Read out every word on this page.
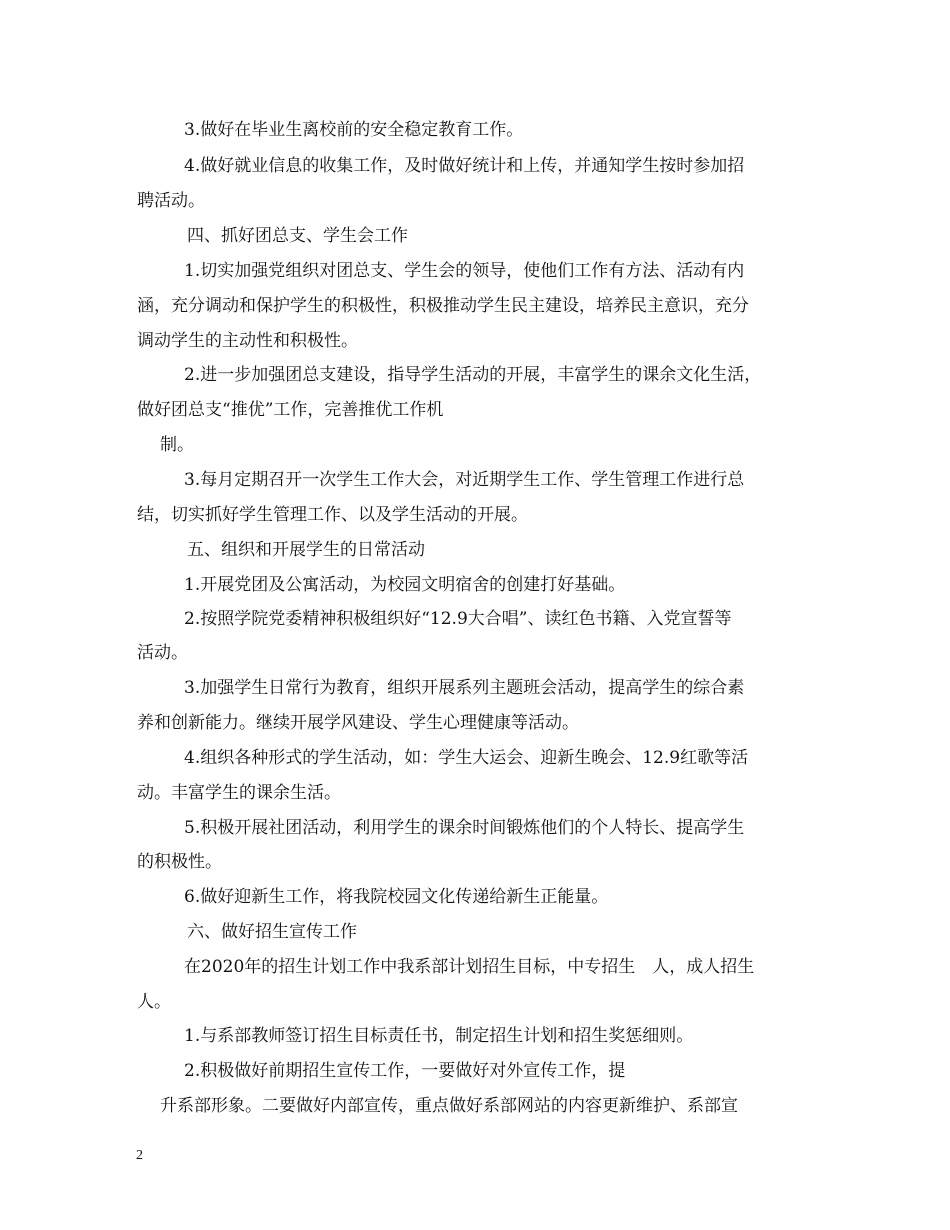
3.做好在毕业生离校前的安全稳定教育工作。
4.做好就业信息的收集工作，及时做好统计和上传，并通知学生按时参加招
聘活动。
四、抓好团总支、学生会工作
1.切实加强党组织对团总支、学生会的领导，使他们工作有方法、活动有内
涵，充分调动和保护学生的积极性，积极推动学生民主建设，培养民主意识，充分
调动学生的主动性和积极性。
2.进一步加强团总支建设，指导学生活动的开展，丰富学生的课余文化生活，
做好团总支“推优”工作，完善推优工作机
制。
3.每月定期召开一次学生工作大会，对近期学生工作、学生管理工作进行总
结，切实抓好学生管理工作、以及学生活动的开展。
五、组织和开展学生的日常活动
1.开展党团及公寓活动，为校园文明宿舍的创建打好基础。
2.按照学院党委精神积极组织好“12.9大合唱”、读红色书籍、入党宣誓等
活动。
3.加强学生日常行为教育，组织开展系列主题班会活动，提高学生的综合素
养和创新能力。继续开展学风建设、学生心理健康等活动。
4.组织各种形式的学生活动，如：学生大运会、迎新生晚会、12.9红歌等活
动。丰富学生的课余生活。
5.积极开展社团活动，利用学生的课余时间锻炼他们的个人特长、提高学生
的积极性。
6.做好迎新生工作，将我院校园文化传递给新生正能量。
六、做好招生宣传工作
在2020年的招生计划工作中我系部计划招生目标，中专招生　人，成人招生
人。
1.与系部教师签订招生目标责任书，制定招生计划和招生奖惩细则。
2.积极做好前期招生宣传工作，一要做好对外宣传工作，提
升系部形象。二要做好内部宣传，重点做好系部网站的内容更新维护、系部宣
2
